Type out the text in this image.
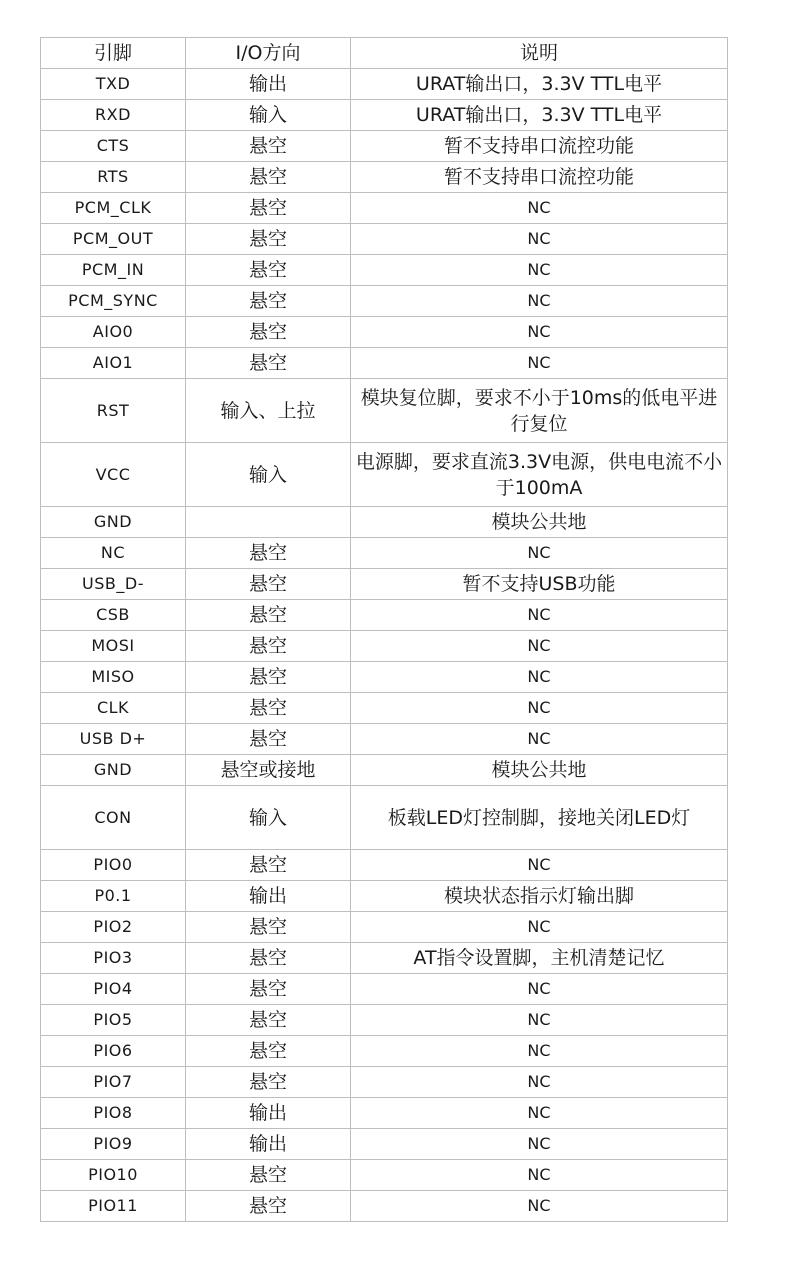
引脚	I/O方向	说明
TXD	输出	URAT输出口，3.3V TTL电平
RXD	输入	URAT输出口，3.3V TTL电平
CTS	悬空	暂不支持串口流控功能
RTS	悬空	暂不支持串口流控功能
PCM_CLK	悬空	NC
PCM_OUT	悬空	NC
PCM_IN	悬空	NC
PCM_SYNC	悬空	NC
AIO0	悬空	NC
AIO1	悬空	NC
RST	输入、上拉	模块复位脚，要求不小于10ms的低电平进行复位
VCC	输入	电源脚，要求直流3.3V电源，供电电流不小于100mA
GND		模块公共地
NC	悬空	NC
USB_D-	悬空	暂不支持USB功能
CSB	悬空	NC
MOSI	悬空	NC
MISO	悬空	NC
CLK	悬空	NC
USB D+	悬空	NC
GND	悬空或接地	模块公共地
CON	输入	板载LED灯控制脚，接地关闭LED灯
PIO0	悬空	NC
P0.1	输出	模块状态指示灯输出脚
PIO2	悬空	NC
PIO3	悬空	AT指令设置脚，主机清楚记忆
PIO4	悬空	NC
PIO5	悬空	NC
PIO6	悬空	NC
PIO7	悬空	NC
PIO8	输出	NC
PIO9	输出	NC
PIO10	悬空	NC
PIO11	悬空	NC
